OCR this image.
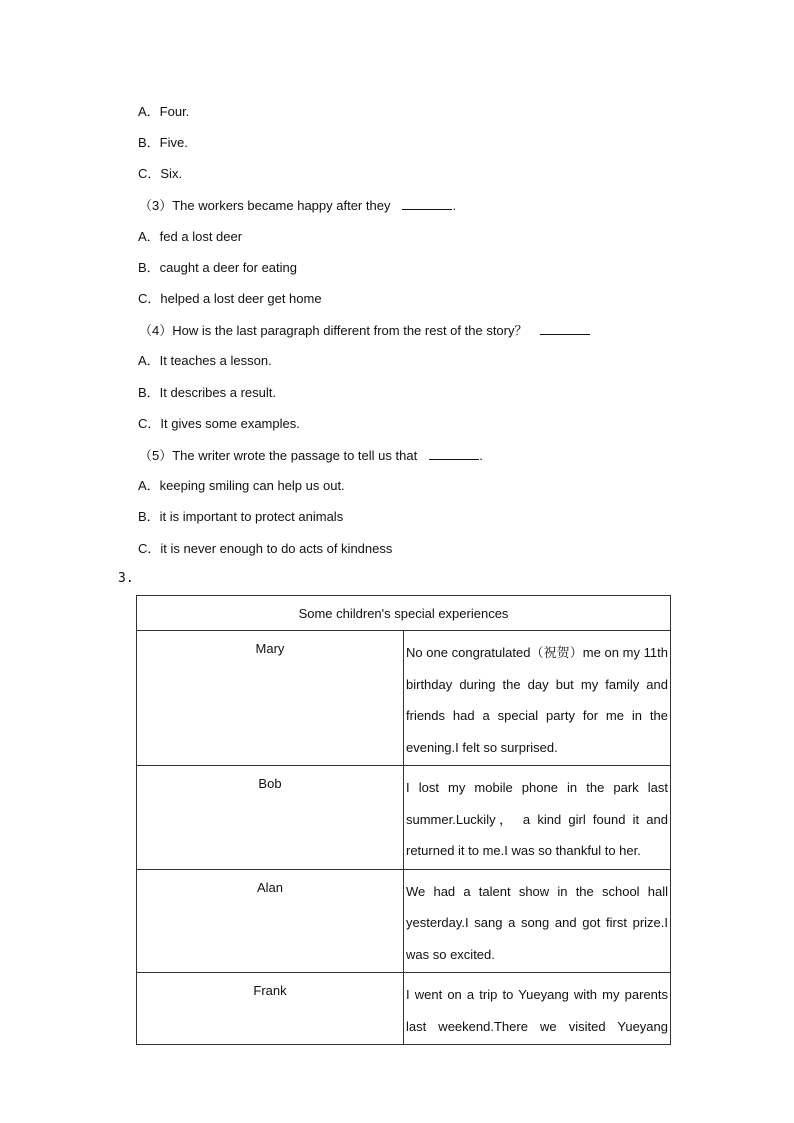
A．Four.
B．Five.
C．Six.
（3）The workers became happy after they	.
A．fed a lost deer
B．caught a deer for eating
C．helped a lost deer get home
（4）How is the last paragraph different from the rest of the story？
A．It teaches a lesson.
B．It describes a result.
C．It gives some examples.
（5）The writer wrote the passage to tell us that	.
A．keeping smiling can help us out.
B．it is important to protect animals
C．it is never enough to do acts of kindness
3.
Some children's special experiences	
Mary	No one congratulated（祝贺）me on my 11th
birthday during the day but my family and
friends had a special party for me in the
evening.I felt so surprised.

Bob	I lost my mobile phone in the park last
summer.Luckily， a kind girl found it and
returned it to me.I was so thankful to her.

Alan	We had a talent show in the school hall
yesterday.I sang a song and got first prize.I
was so excited.

Frank	I went on a trip to Yueyang with my parents
last weekend.There we visited Yueyang
